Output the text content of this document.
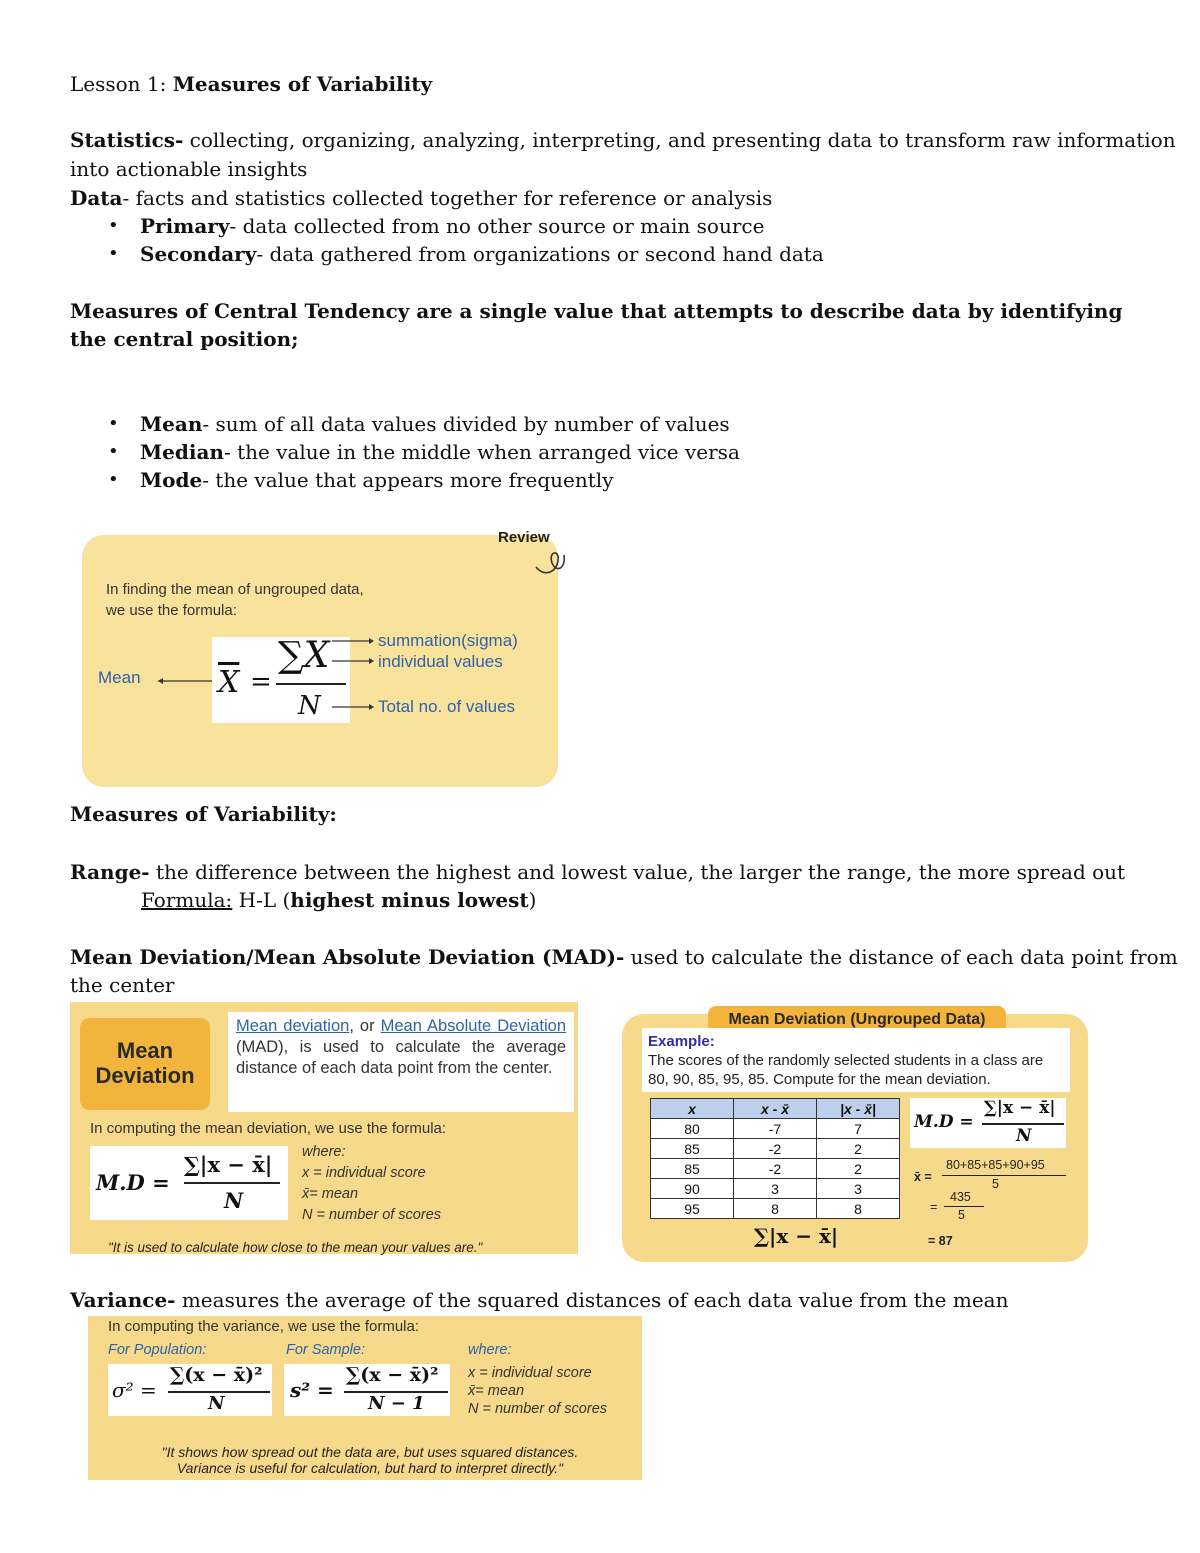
Lesson 1: Measures of Variability
Statistics- collecting, organizing, analyzing, interpreting, and presenting data to transform raw information
into actionable insights
Data- facts and statistics collected together for reference or analysis
• Primary- data collected from no other source or main source
• Secondary- data gathered from organizations or second hand data
Measures of Central Tendency are a single value that attempts to describe data by identifying
the central position;
• Mean- sum of all data values divided by number of values
• Median- the value in the middle when arranged vice versa
• Mode- the value that appears more frequently
Review
In finding the mean of ungrouped data,
we use the formula:
Mean	$\overline{X}$ =
∑X
N
summation(sigma)
individual values
Total no. of values
Measures of Variability:
Range- the difference between the highest and lowest value, the larger the range, the more spread out
Formula: H-L (highest minus lowest)
Mean Deviation/Mean Absolute Deviation (MAD)- used to calculate the distance of each data point from
the center
Mean
Deviation
Mean deviation, or Mean Absolute Deviation (MAD), is used to calculate the average distance of each data point from the center.
In computing the mean deviation, we use the formula:
M.D =
∑|x − x̄|
N
where:
x = individual score
x̄= mean
N = number of scores
"It is used to calculate how close to the mean your values are."
Mean Deviation (Ungrouped Data)
Example:
The scores of the randomly selected students in a class are 80, 90, 85, 95, 85. Compute for the mean deviation.
x	x - x̄	|x - x̄|
80	-7	7
85	-2	2
85	-2	2
90	3	3
95	8	8
∑|x − x̄|
M.D =
∑|x − x̄|
N
x̄ =
80+85+85+90+95
5
=
435
5
= 87
Variance- measures the average of the squared distances of each data value from the mean
In computing the variance, we use the formula:
For Population:	For Sample:	where:
σ² =
∑(x − x̄)²
N
s² =
∑(x − x̄)²
N − 1
x = individual score
x̄= mean
N = number of scores
"It shows how spread out the data are, but uses squared distances.
Variance is useful for calculation, but hard to interpret directly."
